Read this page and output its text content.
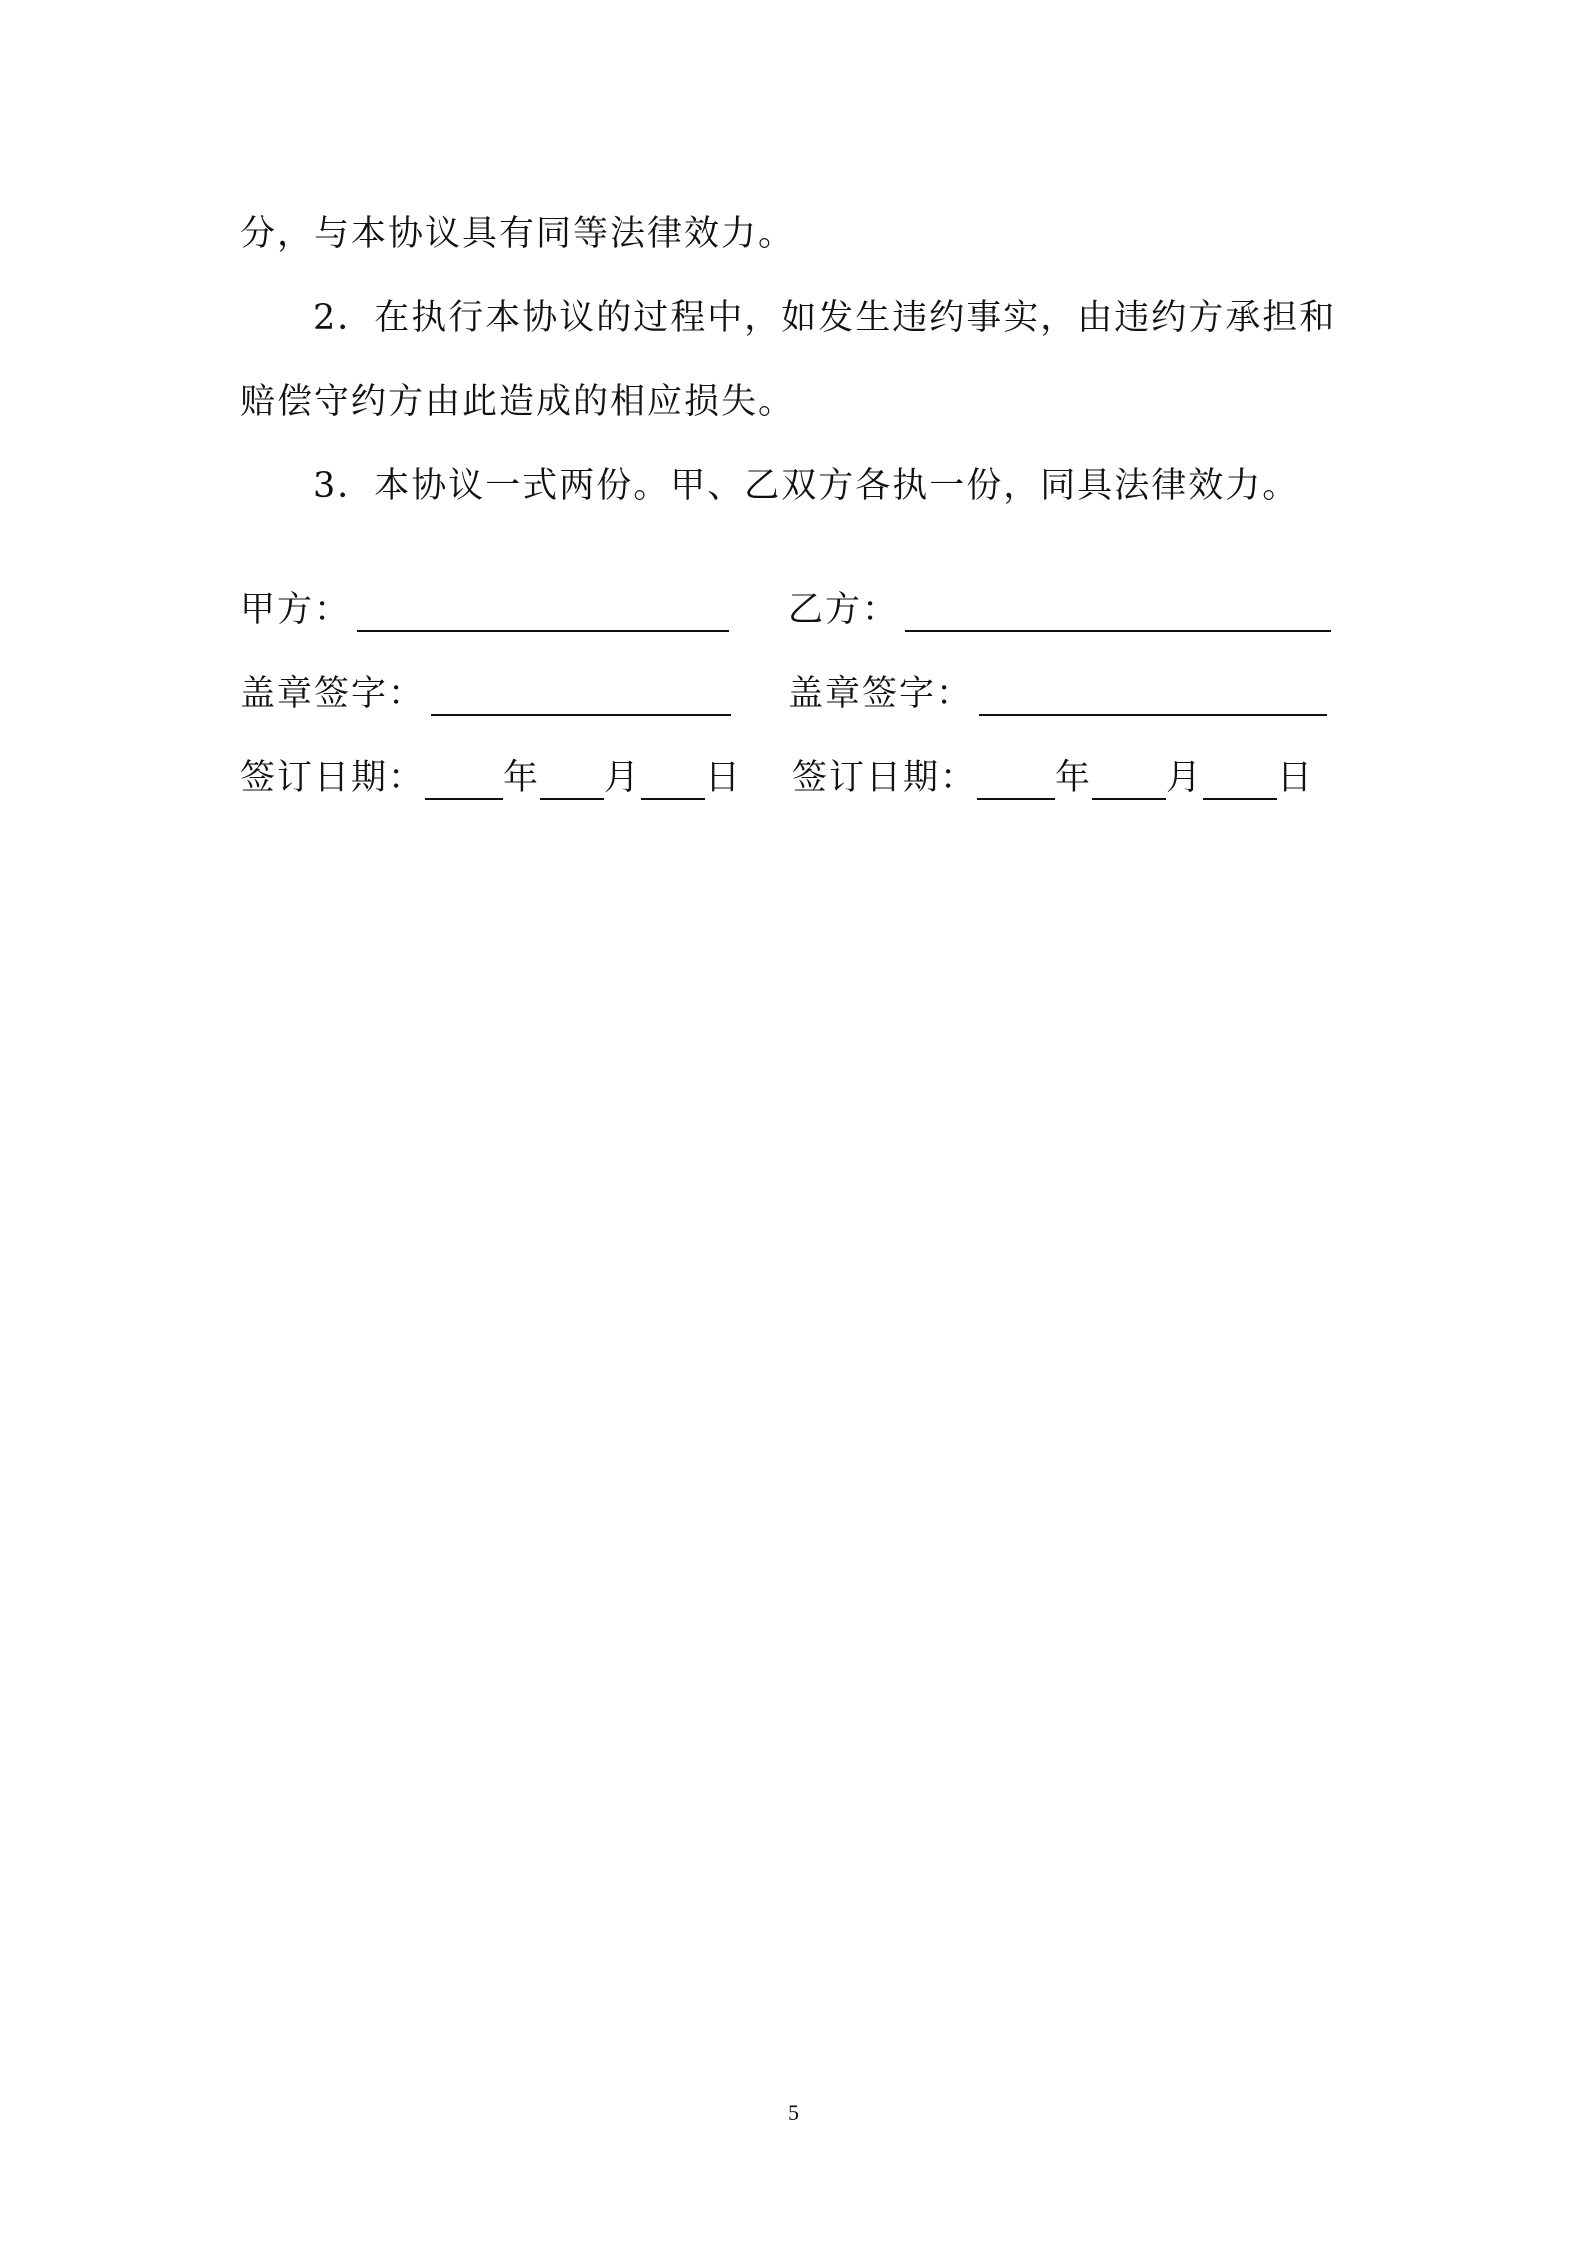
分，与本协议具有同等法律效力。
2．在执行本协议的过程中，如发生违约事实，由违约方承担和
赔偿守约方由此造成的相应损失。
3．本协议一式两份。甲、乙双方各执一份，同具法律效力。
甲方：	乙方：
盖章签字：	盖章签字：
签订日期： 年 月 日 签订日期： 年 月 日
5
